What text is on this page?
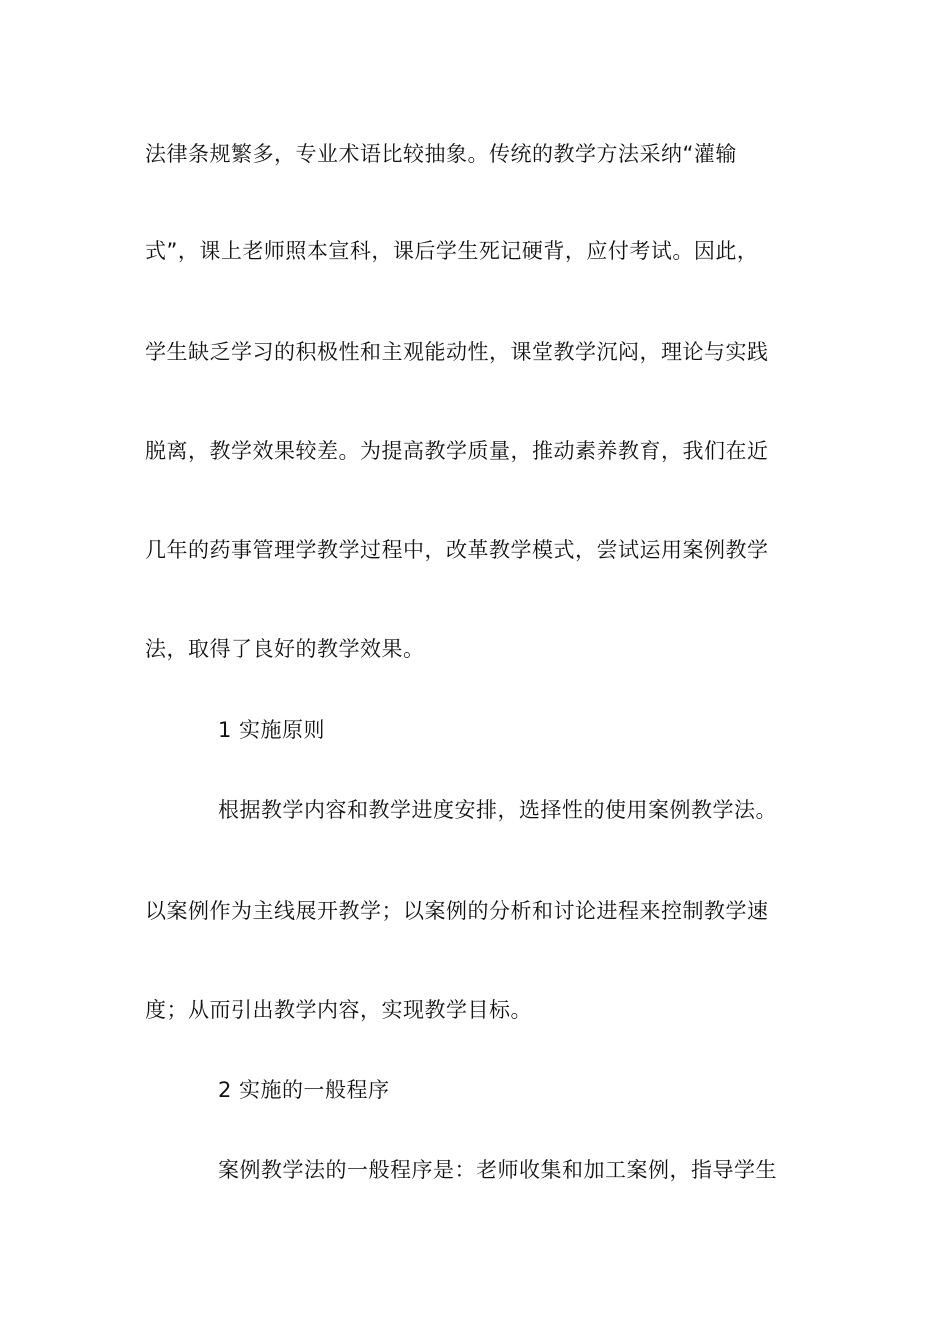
法律条规繁多，专业术语比较抽象。传统的教学方法采纳“灌输
式”，课上老师照本宣科，课后学生死记硬背，应付考试。因此，
学生缺乏学习的积极性和主观能动性，课堂教学沉闷，理论与实践
脱离，教学效果较差。为提高教学质量，推动素养教育，我们在近
几年的药事管理学教学过程中，改革教学模式，尝试运用案例教学
法，取得了良好的教学效果。
1 实施原则
根据教学内容和教学进度安排，选择性的使用案例教学法。
以案例作为主线展开教学；以案例的分析和讨论进程来控制教学速
度；从而引出教学内容，实现教学目标。
2 实施的一般程序
案例教学法的一般程序是：老师收集和加工案例，指导学生
